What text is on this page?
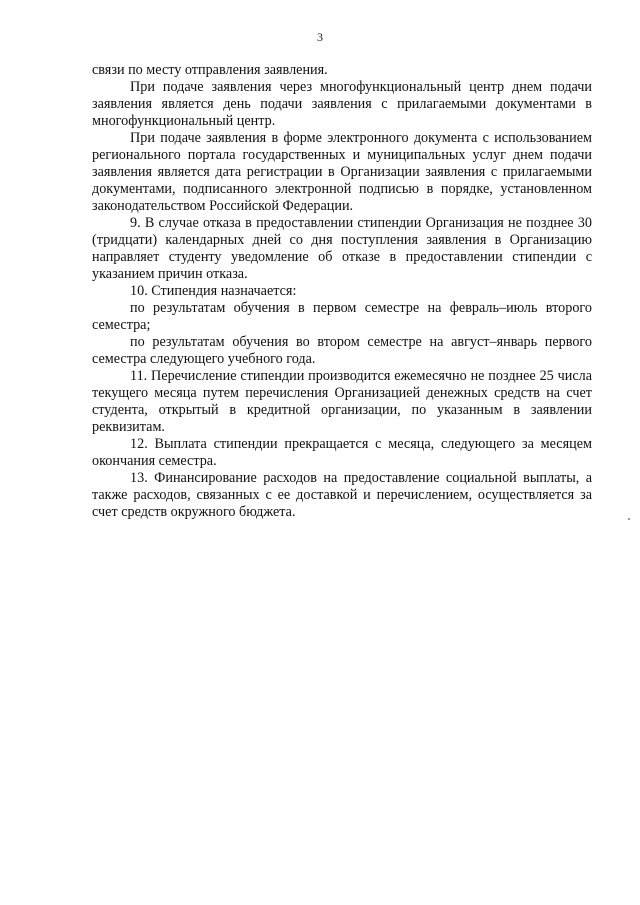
3

связи по месту отправления заявления.

При подаче заявления через многофункциональный центр днем подачи заявления является день подачи заявления с прилагаемыми документами в многофункциональный центр.

При подаче заявления в форме электронного документа с использованием регионального портала государственных и муниципальных услуг днем подачи заявления является дата регистрации в Организации заявления с прилагаемыми документами, подписанного электронной подписью в порядке, установленном законодательством Российской Федерации.

9. В случае отказа в предоставлении стипендии Организация не позднее 30 (тридцати) календарных дней со дня поступления заявления в Организацию направляет студенту уведомление об отказе в предоставлении стипендии с указанием причин отказа.

10. Стипендия назначается:

по результатам обучения в первом семестре на февраль–июль второго семестра;

по результатам обучения во втором семестре на август–январь первого семестра следующего учебного года.

11. Перечисление стипендии производится ежемесячно не позднее 25 числа текущего месяца путем перечисления Организацией денежных средств на счет студента, открытый в кредитной организации, по указанным в заявлении реквизитам.

12. Выплата стипендии прекращается с месяца, следующего за месяцем окончания семестра.

13. Финансирование расходов на предоставление социальной выплаты, а также расходов, связанных с ее доставкой и перечислением, осуществляется за счет средств окружного бюджета.
